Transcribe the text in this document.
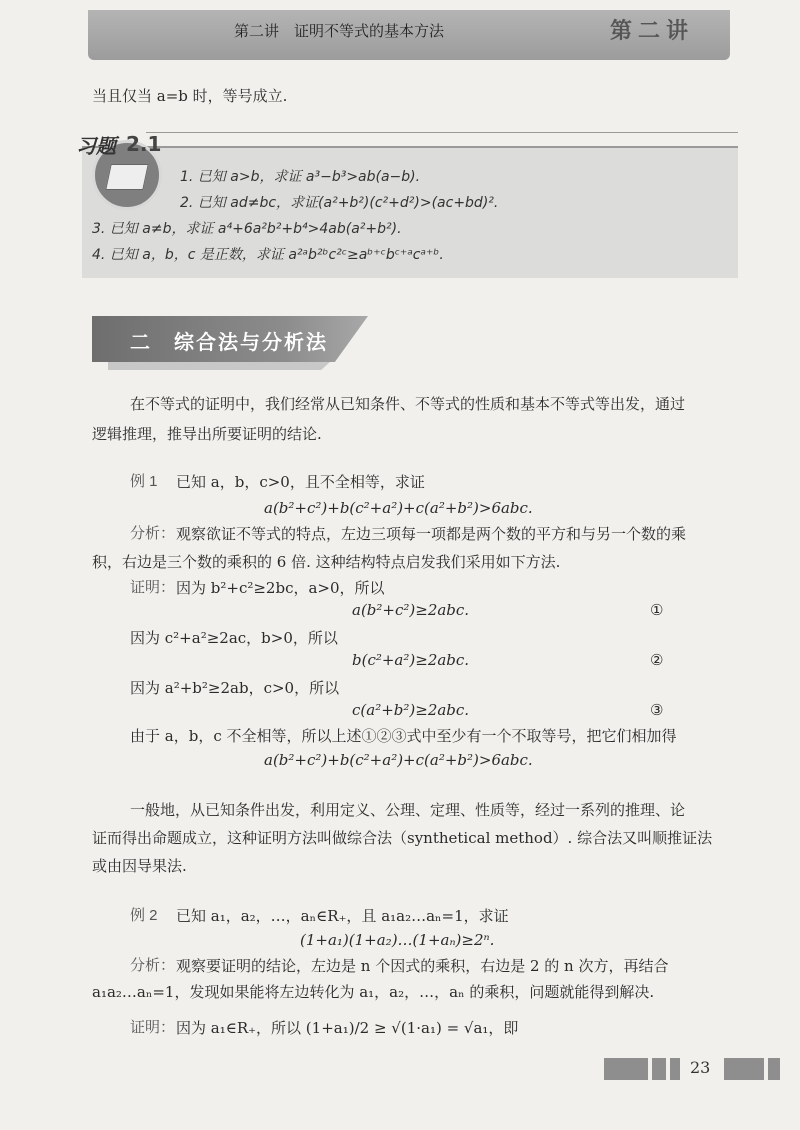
第二讲　证明不等式的基本方法	第二讲
当且仅当 a=b 时，等号成立.
习题 2.1
1. 已知 a>b，求证 a³−b³>ab(a−b).
2. 已知 ad≠bc，求证(a²+b²)(c²+d²)>(ac+bd)².
3. 已知 a≠b，求证 a⁴+6a²b²+b⁴>4ab(a²+b²).
4. 已知 a，b，c 是正数，求证 a²ᵃb²ᵇc²ᶜ≥aᵇ⁺ᶜbᶜ⁺ᵃcᵃ⁺ᵇ.
二　综合法与分析法
在不等式的证明中，我们经常从已知条件、不等式的性质和基本不等式等出发，通过
逻辑推理，推导出所要证明的结论.
例 1 已知 a，b，c>0，且不全相等，求证
a(b²+c²)+b(c²+a²)+c(a²+b²)>6abc.
分析： 观察欲证不等式的特点，左边三项每一项都是两个数的平方和与另一个数的乘
积，右边是三个数的乘积的 6 倍. 这种结构特点启发我们采用如下方法.
证明： 因为 b²+c²≥2bc，a>0，所以
a(b²+c²)≥2abc.	①
因为 c²+a²≥2ac，b>0，所以
b(c²+a²)≥2abc.	②
因为 a²+b²≥2ab，c>0，所以
c(a²+b²)≥2abc.	③
由于 a，b，c 不全相等，所以上述①②③式中至少有一个不取等号，把它们相加得
a(b²+c²)+b(c²+a²)+c(a²+b²)>6abc.
一般地，从已知条件出发，利用定义、公理、定理、性质等，经过一系列的推理、论
证而得出命题成立，这种证明方法叫做综合法（synthetical method）. 综合法又叫顺推证法
或由因导果法.
例 2 已知 a₁，a₂，…，aₙ∈R₊，且 a₁a₂…aₙ=1，求证
(1+a₁)(1+a₂)…(1+aₙ)≥2ⁿ.
分析： 观察要证明的结论，左边是 n 个因式的乘积，右边是 2 的 n 次方，再结合
a₁a₂…aₙ=1，发现如果能将左边转化为 a₁，a₂，…，aₙ 的乘积，问题就能得到解决.
证明： 因为 a₁∈R₊，所以 (1+a₁)/2 ≥ √(1·a₁) = √a₁，即
23
